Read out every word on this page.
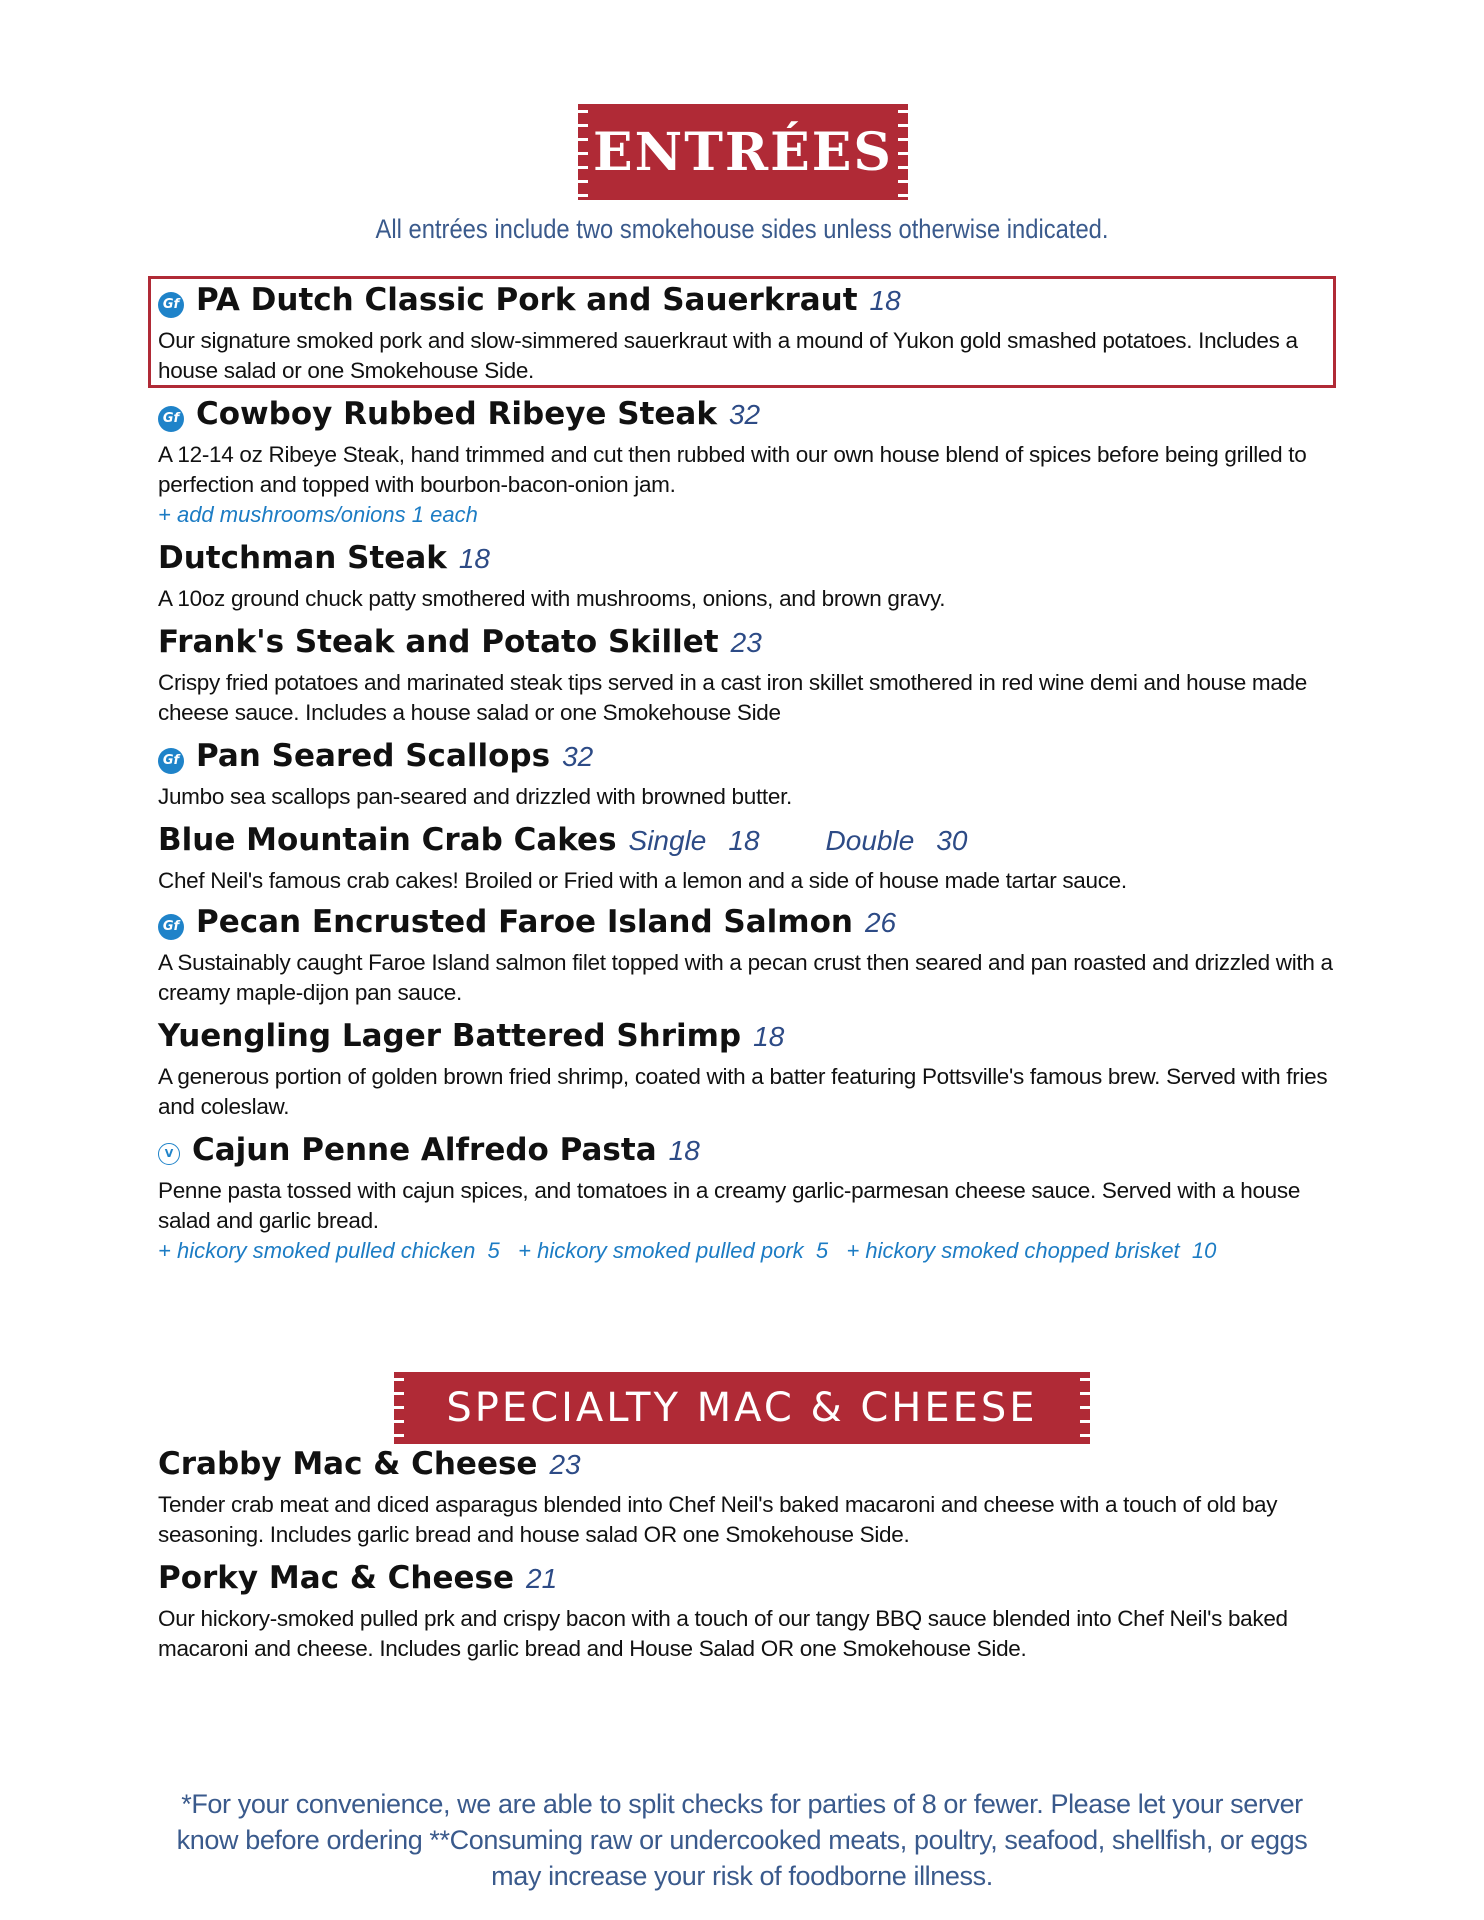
ENTRÉES
All entrées include two smokehouse sides unless otherwise indicated.
Gf PA Dutch Classic Pork and Sauerkraut 18
Our signature smoked pork and slow-simmered sauerkraut with a mound of Yukon gold smashed potatoes. Includes a house salad or one Smokehouse Side.
Gf Cowboy Rubbed Ribeye Steak 32
A 12-14 oz Ribeye Steak, hand trimmed and cut then rubbed with our own house blend of spices before being grilled to perfection and topped with bourbon-bacon-onion jam.
+ add mushrooms/onions 1 each
Dutchman Steak 18
A 10oz ground chuck patty smothered with mushrooms, onions, and brown gravy.
Frank's Steak and Potato Skillet 23
Crispy fried potatoes and marinated steak tips served in a cast iron skillet smothered in red wine demi and house made cheese sauce. Includes a house salad or one Smokehouse Side
Gf Pan Seared Scallops 32
Jumbo sea scallops pan-seared and drizzled with browned butter.
Blue Mountain Crab Cakes Single 18 Double 30
Chef Neil's famous crab cakes! Broiled or Fried with a lemon and a side of house made tartar sauce.
Gf Pecan Encrusted Faroe Island Salmon 26
A Sustainably caught Faroe Island salmon filet topped with a pecan crust then seared and pan roasted and drizzled with a creamy maple-dijon pan sauce.
Yuengling Lager Battered Shrimp 18
A generous portion of golden brown fried shrimp, coated with a batter featuring Pottsville's famous brew. Served with fries and coleslaw.
V Cajun Penne Alfredo Pasta 18
Penne pasta tossed with cajun spices, and tomatoes in a creamy garlic-parmesan cheese sauce. Served with a house salad and garlic bread.
+ hickory smoked pulled chicken  5   + hickory smoked pulled pork  5   + hickory smoked chopped brisket  10
SPECIALTY MAC & CHEESE
Crabby Mac & Cheese 23
Tender crab meat and diced asparagus blended into Chef Neil's baked macaroni and cheese with a touch of old bay seasoning. Includes garlic bread and house salad OR one Smokehouse Side.
Porky Mac & Cheese 21
Our hickory-smoked pulled prk and crispy bacon with a touch of our tangy BBQ sauce blended into Chef Neil's baked macaroni and cheese. Includes garlic bread and House Salad OR one Smokehouse Side.
*For your convenience, we are able to split checks for parties of 8 or fewer. Please let your server know before ordering **Consuming raw or undercooked meats, poultry, seafood, shellfish, or eggs may increase your risk of foodborne illness.
